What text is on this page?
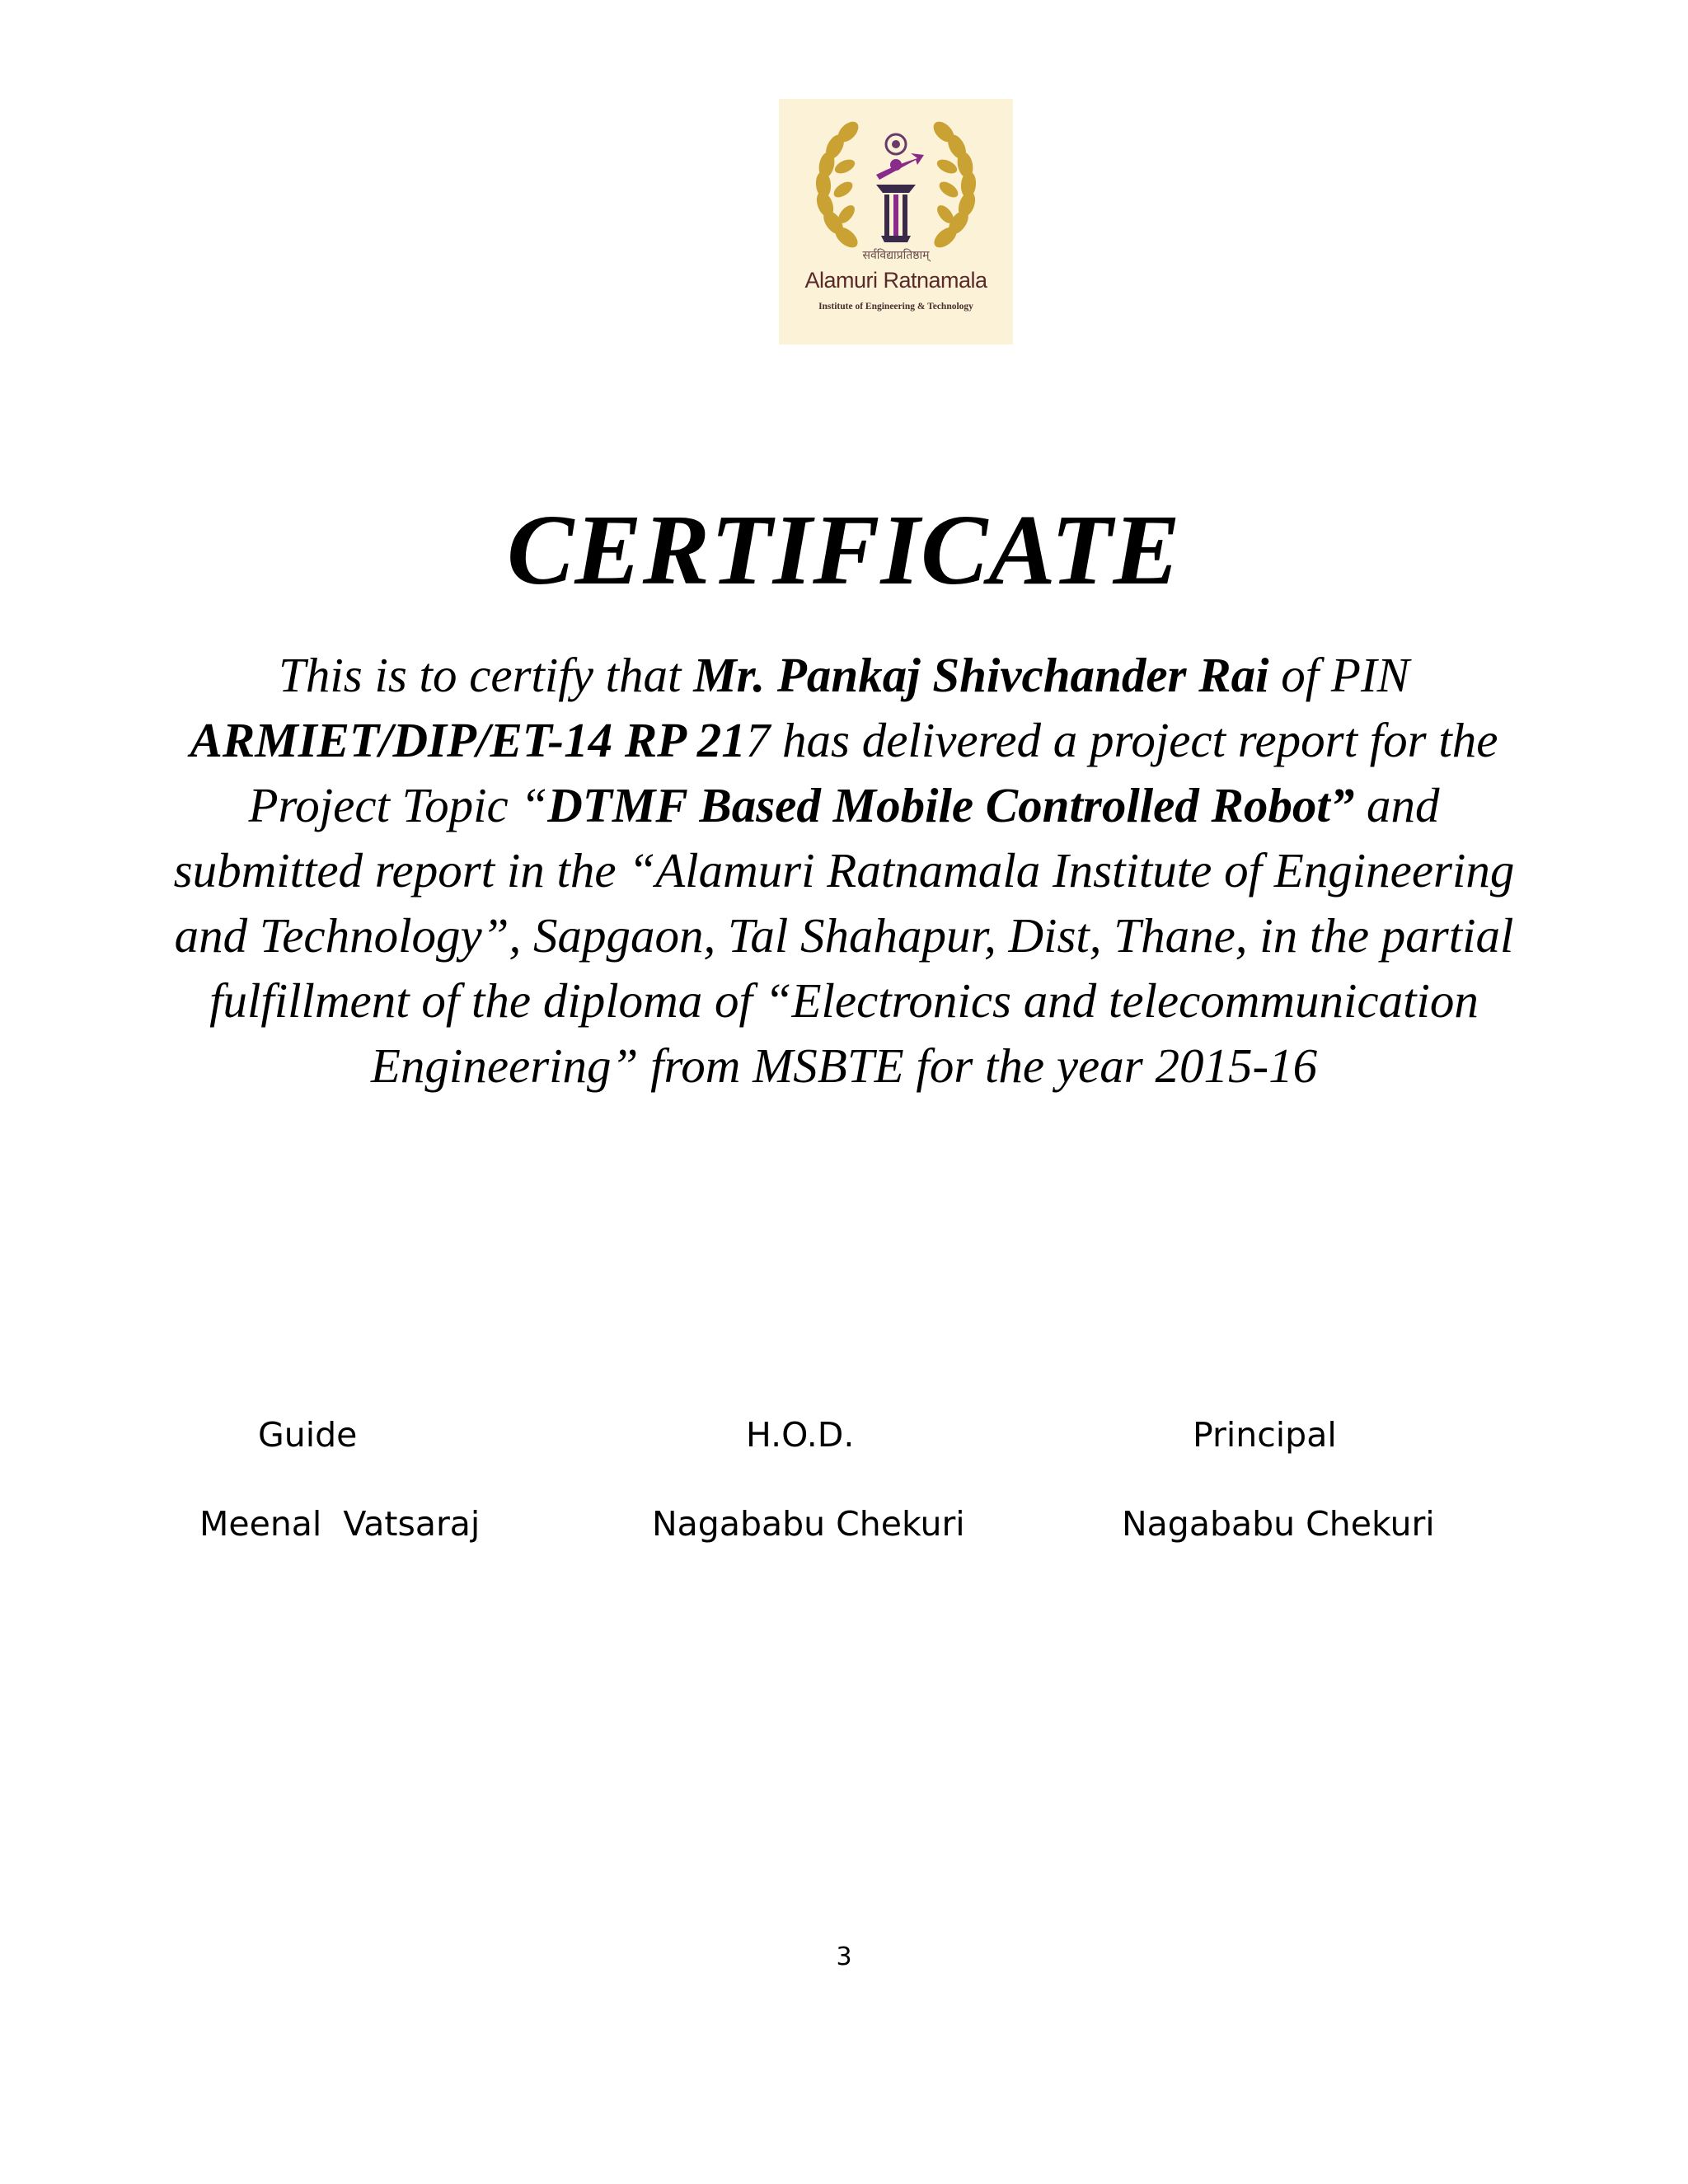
सर्वविद्याप्रतिष्ठाम्
Alamuri Ratnamala
Institute of Engineering & Technology
CERTIFICATE
This is to certify that Mr. Pankaj Shivchander Rai of PIN ARMIET/DIP/ET-14 RP 217 has delivered a project report for the Project Topic “DTMF Based Mobile Controlled Robot” and submitted report in the “Alamuri Ratnamala Institute of Engineering and Technology”, Sapgaon, Tal Shahapur, Dist, Thane, in the partial fulfillment of the diploma of “Electronics and telecommunication Engineering” from MSBTE for the year 2015-16
Guide	H.O.D.	Principal
Meenal  Vatsaraj	Nagababu Chekuri	Nagababu Chekuri
3
